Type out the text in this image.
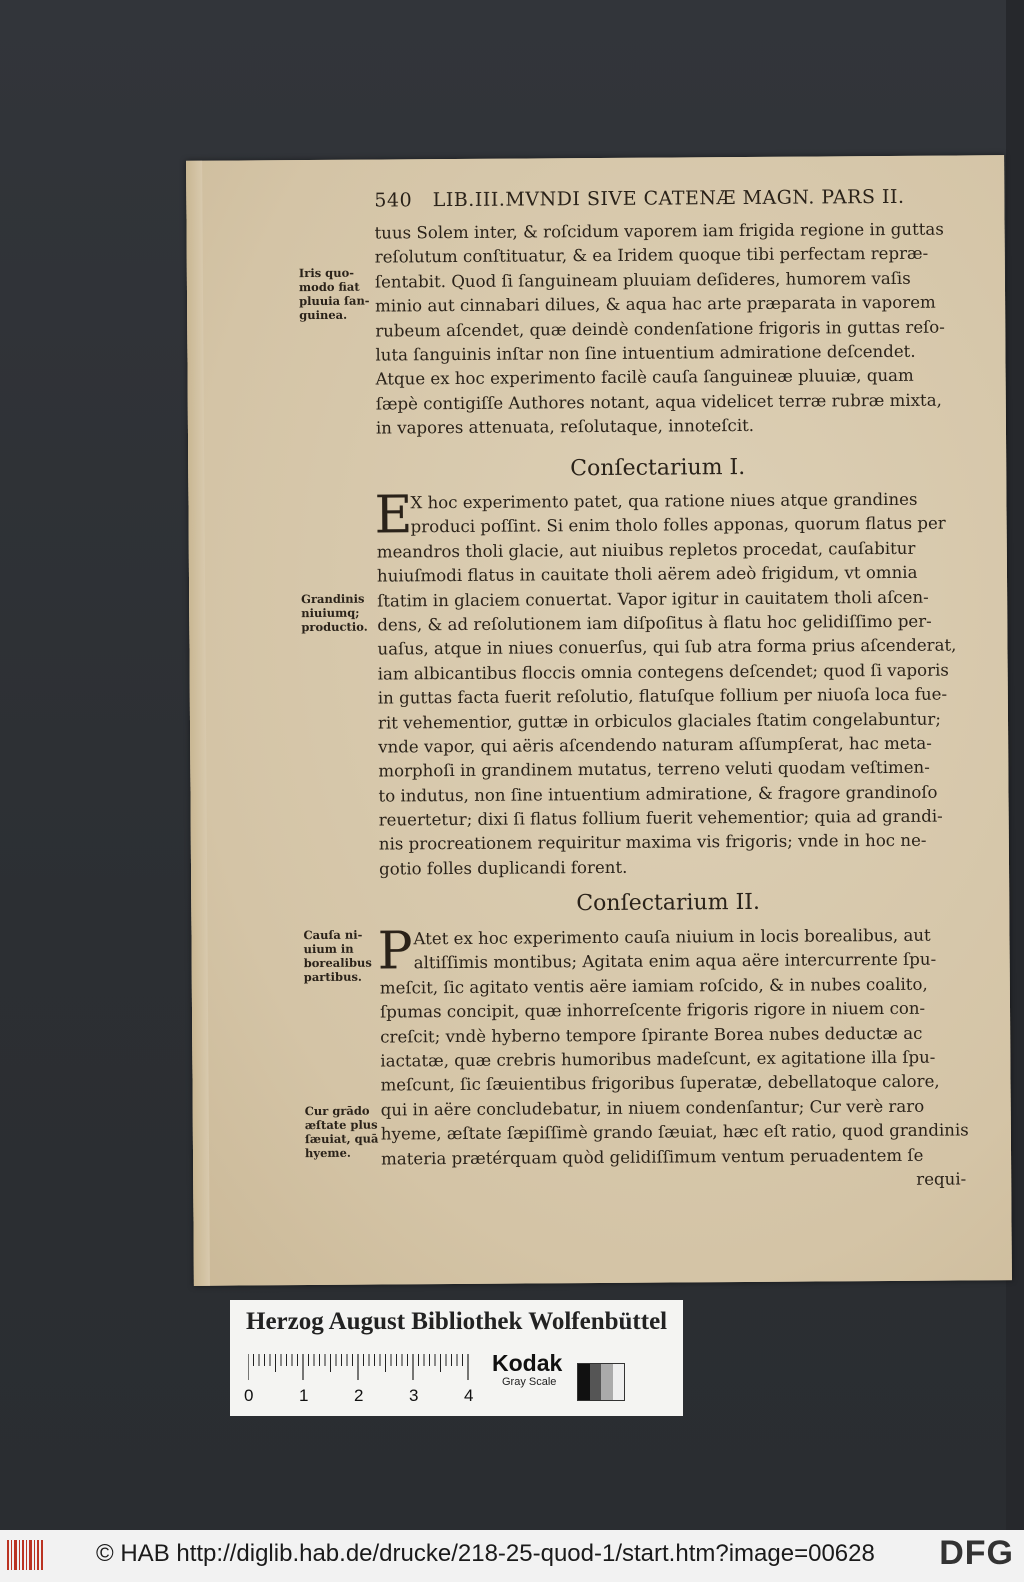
540 LIB.III.MVNDI SIVE CATENÆ MAGN. PARS II.
tuus Solem inter, & roſcidum vaporem iam frigida regione in guttas
reſolutum conſtituatur, & ea Iridem quoque tibi perfectam repræ-
ſentabit. Quod ſi ſanguineam pluuiam deſideres, humorem vaſis
minio aut cinnabari dilues, & aqua hac arte præparata in vaporem
rubeum aſcendet, quæ deindè condenſatione frigoris in guttas reſo-
luta ſanguinis inſtar non ſine intuentium admiratione deſcendet.
Atque ex hoc experimento facilè cauſa ſanguineæ pluuiæ, quam
ſæpè contigiſſe Authores notant, aqua videlicet terræ rubræ mixta,
in vapores attenuata, reſolutaque, innoteſcit.
Conſectarium I.
E
X hoc experimento patet, qua ratione niues atque grandines
produci poſſint. Si enim tholo folles apponas, quorum flatus per
meandros tholi glacie, aut niuibus repletos procedat, cauſabitur
huiuſmodi flatus in cauitate tholi aërem adeò frigidum, vt omnia
ſtatim in glaciem conuertat. Vapor igitur in cauitatem tholi aſcen-
dens, & ad reſolutionem iam diſpoſitus à flatu hoc gelidiſſimo per-
uaſus, atque in niues conuerſus, qui ſub atra forma prius aſcenderat,
iam albicantibus floccis omnia contegens deſcendet; quod ſi vaporis
in guttas facta fuerit reſolutio, flatuſque follium per niuoſa loca fue-
rit vehementior, guttæ in orbiculos glaciales ſtatim congelabuntur;
vnde vapor, qui aëris aſcendendo naturam aſſumpſerat, hac meta-
morphoſi in grandinem mutatus, terreno veluti quodam veſtimen-
to indutus, non ſine intuentium admiratione, & fragore grandinoſo
reuertetur; dixi ſi flatus follium fuerit vehementior; quia ad grandi-
nis procreationem requiritur maxima vis frigoris; vnde in hoc ne-
gotio folles duplicandi forent.
Conſectarium II.
P Atet ex hoc experimento cauſa niuium in locis borealibus, aut
altiſſimis montibus; Agitata enim aqua aëre intercurrente ſpu-
meſcit, ſic agitato ventis aëre iamiam roſcido, & in nubes coalito,
ſpumas concipit, quæ inhorreſcente frigoris rigore in niuem con-
creſcit; vndè hyberno tempore ſpirante Borea nubes deductæ ac
iactatæ, quæ crebris humoribus madeſcunt, ex agitatione illa ſpu-
meſcunt, ſic ſæuientibus frigoribus ſuperatæ, debellatoque calore,
qui in aëre concludebatur, in niuem condenſantur; Cur verè raro
hyeme, æſtate ſæpiſſimè grando ſæuiat, hæc eſt ratio, quod grandinis
materia prætérquam quòd gelidiſſimum ventum peruadentem ſe
requi-
Iris quo-
modo fiat
pluuia ſan-
guinea.
Grandinis
niuiumq;
productio.
Cauſa ni-
uium in
borealibus
partibus.
Cur grādo
æſtate plus
ſæuiat, quā
hyeme.
Herzog August Bibliothek Wolfenbüttel
0	1	2	3	4
Kodak
Gray Scale
© HAB http://diglib.hab.de/drucke/218-25-quod-1/start.htm?image=00628 DFG
